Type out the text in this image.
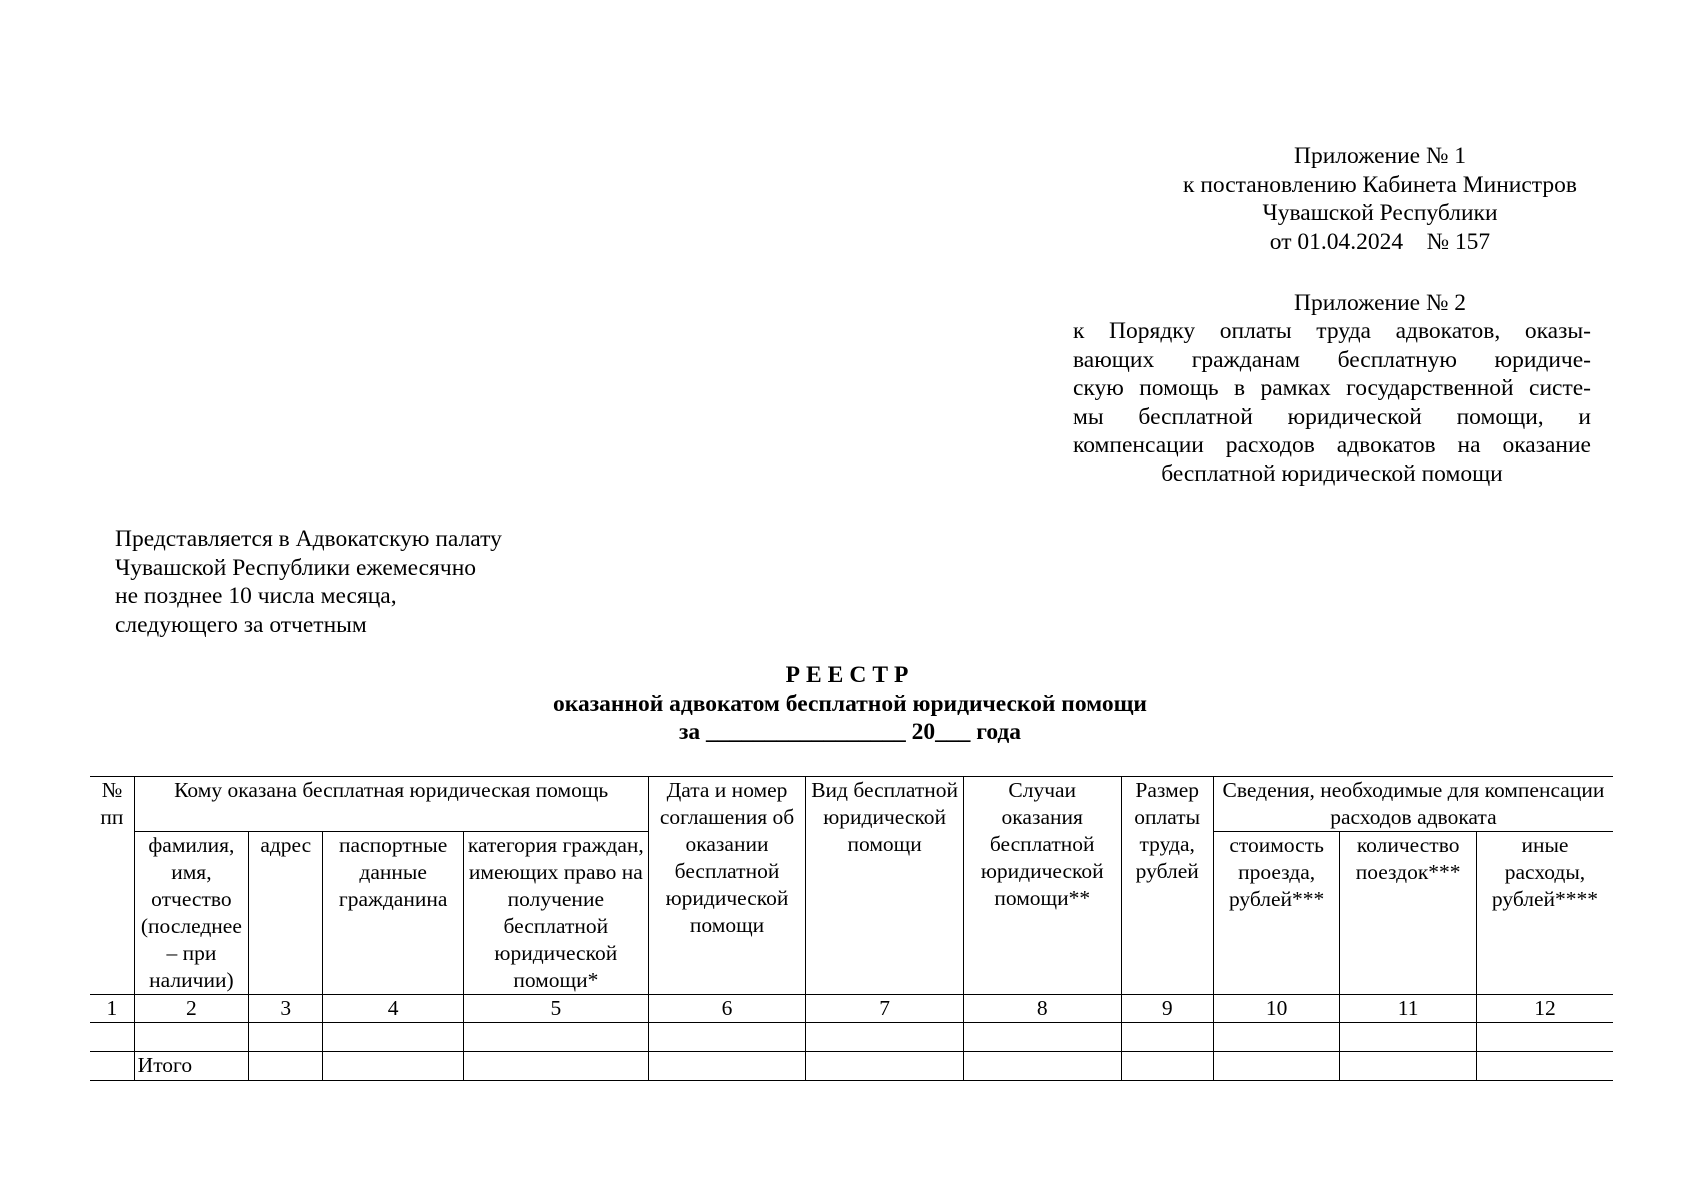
Приложение № 1
к постановлению Кабинета Министров
Чувашской Республики
от 01.04.2024    № 157
Приложение № 2
к Порядку оплаты труда адвокатов, оказы-
вающих гражданам бесплатную юридиче-
скую помощь в рамках государственной систе-
мы бесплатной юридической помощи, и
компенсации расходов адвокатов на оказание
бесплатной юридической помощи
Представляется в Адвокатскую палату
Чувашской Республики ежемесячно
не позднее 10 числа месяца,
следующего за отчетным
РЕЕСТР
оказанной адвокатом бесплатной юридической помощи
за _________________ 20___ года
№ пп	Кому оказана бесплатная юридическая помощь				Дата и номер соглашения об оказании бесплатной юридической помощи	Вид бесплатной юридической помощи	Случаи оказания бесплатной юридической помощи**	Размер оплаты труда, рублей	Сведения, необходимые для компенсации расходов адвоката		
	фамилия, имя, отчество (последнее – при наличии)	адрес	паспортные данные гражданина	категория граждан, имеющих право на получение бесплатной юридической помощи*					стоимость проезда, рублей***	количество поездок***	иные расходы, рублей****
1	2	3	4	5	6	7	8	9	10	11	12

	Итого										
